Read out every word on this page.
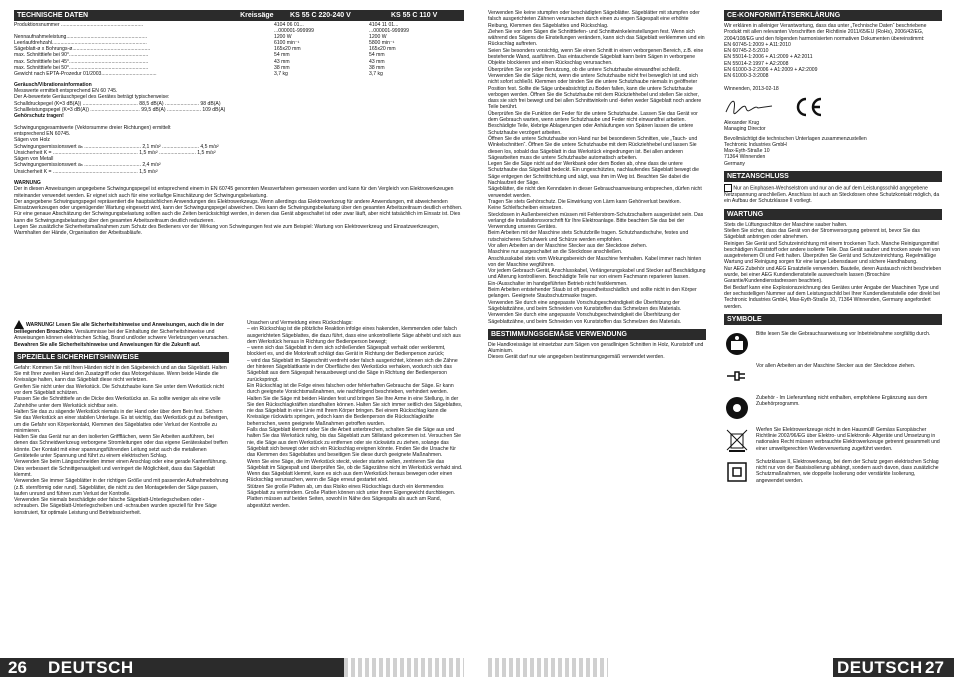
TECHNISCHE DATEN	Kreissäge	KS 55 C 220-240 V	KS 55 C 110 V
Produktionsnummer ..........................................................	4104 06 01...	4104 11 01...
...000001-999999	...000001-999999
Nennaufnahmeleistung.........................................................	1200 W	1200 W
Leerlaufdrehzahl...................................................................	6100 min⁻¹	5800 min⁻¹
Sägeblatt-ø x Bohrungs-ø.......................................................	165x20 mm	165x20 mm
max. Schnitttiefe bei 90°........................................................	54 mm	54 mm
max. Schnitttiefe bei 45°........................................................	43 mm	43 mm
max. Schnitttiefe bei 50°........................................................	38 mm	38 mm
Gewicht nach EPTA-Prozedur 01/2003.......................................	3,7 kg	3,7 kg

Geräusch/Vibrationsinformation

Messwerte ermittelt entsprechend EN 60 745.
Der A-bewertete Geräuschpegel des Gerätes beträgt typischerweise:
Schalldruckpegel (K=3 dB(A)) ....................................... 88,5 dB(A) ........................ 98 dB(A)
Schallleistungspegel (K=3 dB(A)) ................................... 99,5 dB(A) ........................ 109 dB(A)

Gehörschutz tragen!

Schwingungsgesamtwerte (Vektorsumme dreier Richtungen) ermittelt
entsprechend EN 60745.
Sägen von Holz
Schwingungsemissionswert aₕ ........................................ 2,1 m/s² .......................... 4,5 m/s²
Unsicherheit K = ............................................................ 1,5 m/s² .......................... 1,5 m/s²
Sägen von Metall
Schwingungsemissionswert aₕ ........................................ 2,4 m/s²
Unsicherheit K = ............................................................ 1,5 m/s²

WARNUNG

Der in diesen Anweisungen angegebene Schwingungspegel ist entsprechend einem in EN 60745 genormten Messverfahren gemessen worden und kann für den Vergleich von Elektrowerkzeugen miteinander verwendet werden. Er eignet sich auch für eine vorläufige Einschätzung der Schwingungsbelastung.
Der angegebene Schwingungspegel repräsentiert die hauptsächlichen Anwendungen des Elektrowerkzeugs. Wenn allerdings das Elektrowerkzeug für andere Anwendungen, mit abweichenden Einsatzwerkzeugen oder ungenügender Wartung eingesetzt wird, kann der Schwingungspegel abweichen. Dies kann die Schwingungsbelastung über den gesamten Arbeitszeitraum deutlich erhöhen.
Für eine genaue Abschätzung der Schwingungsbelastung sollten auch die Zeiten berücksichtigt werden, in denen das Gerät abgeschaltet ist oder zwar läuft, aber nicht tatsächlich im Einsatz ist. Dies kann die Schwingungsbelastung über den gesamten Arbeitszeitraum deutlich reduzieren.
Legen Sie zusätzliche Sicherheitsmaßnahmen zum Schutz des Bedieners vor der Wirkung von Schwingungen fest wie zum Beispiel: Wartung von Elektrowerkzeug und Einsatzwerkzeugen, Warmhalten der Hände, Organisation der Arbeitsabläufe.

WARNUNG! Lesen Sie alle Sicherheitshinweise und Anweisungen, auch die in der beiliegenden Broschüre. Versäumnisse bei der Einhaltung der Sicherheitshinweise und Anweisungen können elektrischen Schlag, Brand und/oder schwere Verletzungen verursachen.

Bewahren Sie alle Sicherheitshinweise und Anweisungen für die Zukunft auf.

SPEZIELLE SICHERHEITSHINWEISE

Gefahr: Kommen Sie mit Ihren Händen nicht in den Sägebereich und an das Sägeblatt. Halten Sie mit Ihrer zweiten Hand den Zusatzgriff oder das Motorgehäuse. Wenn beide Hände die Kreissäge halten, kann das Sägeblatt diese nicht verletzen.
Greifen Sie nicht unter das Werkstück. Die Schutzhaube kann Sie unter dem Werkstück nicht vor dem Sägeblatt schützen.
Passen Sie die Schnitttiefe an die Dicke des Werkstücks an. Es sollte weniger als eine volle Zahnhöhe unter dem Werkstück sichtbar sein.
Halten Sie das zu sägende Werkstück niemals in der Hand oder über dem Bein fest. Sichern Sie das Werkstück an einer stabilen Unterlage. Es ist wichtig, das Werkstück gut zu befestigen, um die Gefahr von Körperkontakt, Klemmen des Sägeblattes oder Verlust der Kontrolle zu minimieren.
Halten Sie das Gerät nur an den isolierten Griffflächen, wenn Sie Arbeiten ausführen, bei denen das Schneidwerkzeug verborgene Stromleitungen oder das eigene Geräteskabel treffen könnte. Der Kontakt mit einer spannungsführenden Leitung setzt auch die metallenen Geräteteile unter Spannung und führt zu einem elektrischen Schlag.
Verwenden Sie beim Längsschneiden immer einen Anschlag oder eine gerade Kantenführung. Dies verbessert die Schnittgenauigkeit und verringert die Möglichkeit, dass das Sägeblatt klemmt.
Verwenden Sie immer Sägeblätter in der richtigen Größe und mit passender Aufnahmebohrung (z.B. sternförmig oder rund). Sägeblätter, die nicht zu den Montageteilen der Säge passen, laufen unrund und führen zum Verlust der Kontrolle.
Verwenden Sie niemals beschädigte oder falsche Sägeblatt-Unterlegscheiben oder -schrauben. Die Sägeblatt-Unterlegscheiben und -schrauben wurden speziell für Ihre Säge konstruiert, für optimale Leistung und Betriebssicherheit.

Ursachen und Vermeidung eines Rückschlags:
– ein Rückschlag ist die plötzliche Reaktion infolge eines hakenden, klemmenden oder falsch ausgerichteten Sägeblattes, die dazu führt, dass eine unkontrollierte Säge abhebt und sich aus dem Werkstück heraus in Richtung der Bedienperson bewegt;
– wenn sich das Sägeblatt in dem sich schließenden Sägespalt verhakt oder verklemmt, blockiert es, und die Motorkraft schlägt das Gerät in Richtung der Bedienperson zurück;
– wird das Sägeblatt im Sägeschnitt verdreht oder falsch ausgerichtet, können sich die Zähne der hinteren Sägeblattkante in der Oberfläche des Werkstücks verhaken, wodurch sich das Sägeblatt aus dem Sägespalt herausbewegt und die Säge in Richtung der Bedienperson zurückspringt.
Ein Rückschlag ist die Folge eines falschen oder fehlerhaften Gebrauchs der Säge. Er kann durch geeignete Vorsichtsmaßnahmen, wie nachfolgend beschrieben, verhindert werden.
Halten Sie die Säge mit beiden Händen fest und bringen Sie Ihre Arme in eine Stellung, in der Sie den Rückschlagkräften standhalten können. Halten Sie sich immer seitlich des Sägeblattes, nie das Sägeblatt in eine Linie mit Ihrem Körper bringen. Bei einem Rückschlag kann die Kreissäge rückwärts springen, jedoch kann die Bedienperson die Rückschlagkräfte beherrschen, wenn geeignete Maßnahmen getroffen wurden.
Falls das Sägeblatt klemmt oder Sie die Arbeit unterbrechen, schalten Sie die Säge aus und halten Sie das Werkstück ruhig, bis das Sägeblatt zum Stillstand gekommen ist. Versuchen Sie nie, die Säge aus dem Werkstück zu entfernen oder sie rückwärts zu ziehen, solange das Sägeblatt sich bewegt oder sich ein Rückschlag ereignen könnte. Finden Sie die Ursache für das Klemmen des Sägeblattes und beseitigen Sie diese durch geeignete Maßnahmen.
Wenn Sie eine Säge, die im Werkstück steckt, wieder starten wollen, zentrieren Sie das Sägeblatt im Sägespalt und überprüfen Sie, ob die Sägezähne nicht im Werkstück verhakt sind. Wenn das Sägeblatt klemmt, kann es sich aus dem Werkstück heraus bewegen oder einen Rückschlag verursachen, wenn die Säge erneut gestartet wird.
Stützen Sie große Platten ab, um das Risiko eines Rückschlags durch ein klemmendes Sägeblatt zu vermindern. Große Platten können sich unter ihrem Eigengewicht durchbiegen. Platten müssen auf beiden Seiten, sowohl in Nähe des Sägespalts als auch am Rand, abgestützt werden.

26 DEUTSCH

Verwenden Sie keine stumpfen oder beschädigten Sägeblätter. Sägeblätter mit stumpfen oder falsch ausgerichteten Zähnen verursachen durch einen zu engen Sägespalt eine erhöhte Reibung, Klemmen des Sägeblattes und Rückschlag.
Ziehen Sie vor dem Sägen die Schnitttiefen- und Schnittwinkeleinstellungen fest. Wenn sich während des Sägens die Einstellungen verändern, kann sich das Sägeblatt verklemmen und ein Rückschlag auftreten.
Seien Sie besonders vorsichtig, wenn Sie einen Schnitt in einen verborgenen Bereich, z.B. eine bestehende Wand, ausführen. Das eintauchende Sägeblatt kann beim Sägen in verborgene Objekte blockieren und einen Rückschlag verursachen.
Überprüfen Sie vor jeder Benutzung, ob die untere Schutzhaube einwandfrei schließt. Verwenden Sie die Säge nicht, wenn die untere Schutzhaube nicht frei beweglich ist und sich nicht sofort schließt. Klemmen oder binden Sie die untere Schutzhaube niemals in geöffneter Position fest. Sollte die Säge unbeabsichtigt zu Boden fallen, kann die untere Schutzhaube verbogen werden. Öffnen Sie die Schutzhaube mit dem Rückziehhebel und stellen Sie sicher, dass sie sich frei bewegt und bei allen Schnittwinkeln und -tiefen weder Sägeblatt noch andere Teile berührt.
Überprüfen Sie die Funktion der Feder für die untere Schutzhaube. Lassen Sie das Gerät vor dem Gebrauch warten, wenn untere Schutzhaube und Feder nicht einwandfrei arbeiten. Beschädigte Teile, klebrige Ablagerungen oder Anhäufungen von Spänen lassen die untere Schutzhaube verzögert arbeiten.
Öffnen Sie die untere Schutzhaube von Hand nur bei besonderen Schnitten, wie „Tauch- und Winkelschnitten“. Öffnen Sie die untere Schutzhaube mit dem Rückziehhebel und lassen Sie diesen los, sobald das Sägeblatt in das Werkstück eingedrungen ist. Bei allen anderen Sägearbeiten muss die untere Schutzhaube automatisch arbeiten.
Legen Sie die Säge nicht auf der Werkbank oder dem Boden ab, ohne dass die untere Schutzhaube das Sägeblatt bedeckt. Ein ungeschütztes, nachlaufendes Sägeblatt bewegt die Säge entgegen der Schnittrichtung und sägt, was ihm im Weg ist. Beachten Sie dabei die Nachlaufzeit der Säge.
Sägeblätter, die nicht den Kenndaten in dieser Gebrauchsanweisung entsprechen, dürfen nicht verwendet werden.
Tragen Sie stets Gehörschutz. Die Einwirkung von Lärm kann Gehörverlust bewirken.
Keine Schleifscheiben einsetzen.
Steckdosen in Außenbereichen müssen mit Fehlerstrom-Schutzschaltern ausgerüstet sein. Das verlangt die Installationsvorschrift für Ihre Elektroanlage. Bitte beachten Sie das bei der Verwendung unseres Gerätes.
Beim Arbeiten mit der Maschine stets Schutzbrille tragen. Schutzhandschuhe, festes und rutschsicheres Schuhwerk und Schürze werden empfohlen.
Vor allen Arbeiten an der Maschine Stecker aus der Steckdose ziehen.
Maschine nur ausgeschaltet an die Steckdose anschließen.
Anschlusskabel stets vom Wirkungsbereich der Maschine fernhalten. Kabel immer nach hinten von der Maschine wegführen.
Vor jedem Gebrauch Gerät, Anschlusskabel, Verlängerungskabel und Stecker auf Beschädigung und Alterung kontrollieren. Beschädigte Teile nur von einem Fachmann reparieren lassen.
Ein-/Ausschalter im handgeführten Betrieb nicht festklemmen.
Beim Arbeiten entstehender Staub ist oft gesundheitsschädlich und sollte nicht in den Körper gelangen. Geeignete Staubschutzmaske tragen.
Verwenden Sie durch eine angepasste Vorschubgeschwindigkeit die Überhitzung der Sägeblattzähne, und beim Schneiden von Kunststoffen das Schmelzen des Materials.
Verwenden Sie durch eine angepasste Vorschubgeschwindigkeit die Überhitzung der Sägeblattzähne, und beim Schneiden von Kunststoffen das Schmelzen des Materials.

BESTIMMUNGSGEMÄSE VERWENDUNG

Die Handkreissäge ist einsetzbar zum Sägen von geradlinigen Schnitten in Holz, Kunststoff und Aluminium.
Dieses Gerät darf nur wie angegeben bestimmungsgemäß verwendet werden.

CE-KONFORMITÄTSERKLÄRUNG

Wir erklären in alleiniger Verantwortung, dass das unter „Technische Daten“ beschriebene Produkt mit allen relevanten Vorschriften der Richtlinie 2011/65/EU (RoHs), 2006/42/EG, 2004/108/EG und den folgenden harmonisierten normativen Dokumenten übereinstimmt:
EN 60745-1:2009 + A11:2010
EN 60745-2-5:2010
EN 55014-1:2006 + A1:2009 + A2:2011
EN 55014-2:1997 + A2:2008
EN 61000-3-2:2006 + A1:2009 + A2:2009
EN 61000-3-3:2008

Winnenden, 2013-02-18

Alexander Krug
Managing Director

Bevollmächtigt die technischen Unterlagen zusammenzustellen
Techtronic Industries GmbH
Max-Eyth-Straße 10
71364 Winnenden
Germany

NETZANSCHLUSS

Nur an Einphasen-Wechselstrom und nur an die auf dem Leistungsschild angegebene Netzspannung anschließen. Anschluss ist auch an Steckdosen ohne Schutzkontakt möglich, da ein Aufbau der Schutzklasse II vorliegt.

WARTUNG

Stets die Lüftungsschlitze der Maschine sauber halten.
Stellen Sie sicher, dass das Gerät von der Stromversorgung getrennt ist, bevor Sie das Sägeblatt anbringen oder abnehmen.
Reinigen Sie Gerät und Schutzeinrichtung mit einem trockenen Tuch. Manche Reinigungsmittel beschädigen Kunststoff oder andere isolierte Teile. Das Gerät sauber und trocken sowie frei von ausgetretenem Öl und Fett halten. Überprüfen Sie Gerät und Schutzeinrichtung. Regelmäßige Wartung und Reinigung sorgen für eine lange Lebensdauer und sichere Handhabung.
Nur AEG Zubehör und AEG Ersatzteile verwenden. Bauteile, deren Austausch nicht beschrieben wurde, bei einer AEG Kundendienststelle auswechseln lassen (Broschüre Garantie/Kundendienstadressen beachten).
Bei Bedarf kann eine Explosionszeichnung des Gerätes unter Angabe der Maschinen Type und der sechsstelligen Nummer auf dem Leistungsschild bei Ihrer Kundendienststelle oder direkt bei Techtronic Industries GmbH, Max-Eyth-Straße 10, 71364 Winnenden, Germany angefordert werden.

SYMBOLE

Bitte lesen Sie die Gebrauchsanweisung vor Inbetriebnahme sorgfältig durch.

Vor allen Arbeiten an der Maschine Stecker aus der Steckdose ziehen.

Zubehör - Im Lieferumfang nicht enthalten, empfohlene Ergänzung aus dem Zubehörprogramm.

Werfen Sie Elektrowerkzeuge nicht in den Hausmüll! Gemäss Europäischer Richtlinie 2002/96/EG über Elektro- und Elektronik- Altgeräte und Umsetzung in nationales Recht müssen verbrauchte Elektrowerkzeuge getrennt gesammelt und einer umweltgerechten Wiederverwertung zugeführt werden.

Schutzklasse II, Elektrowerkzeug, bei dem der Schutz gegen elektrischen Schlag nicht nur von der Basisisolierung abhängt, sondern auch davon, dass zusätzliche Schutzmaßnahmen, wie doppelte Isolierung oder verstärkte Isolierung, angewendet werden.

DEUTSCH 27
